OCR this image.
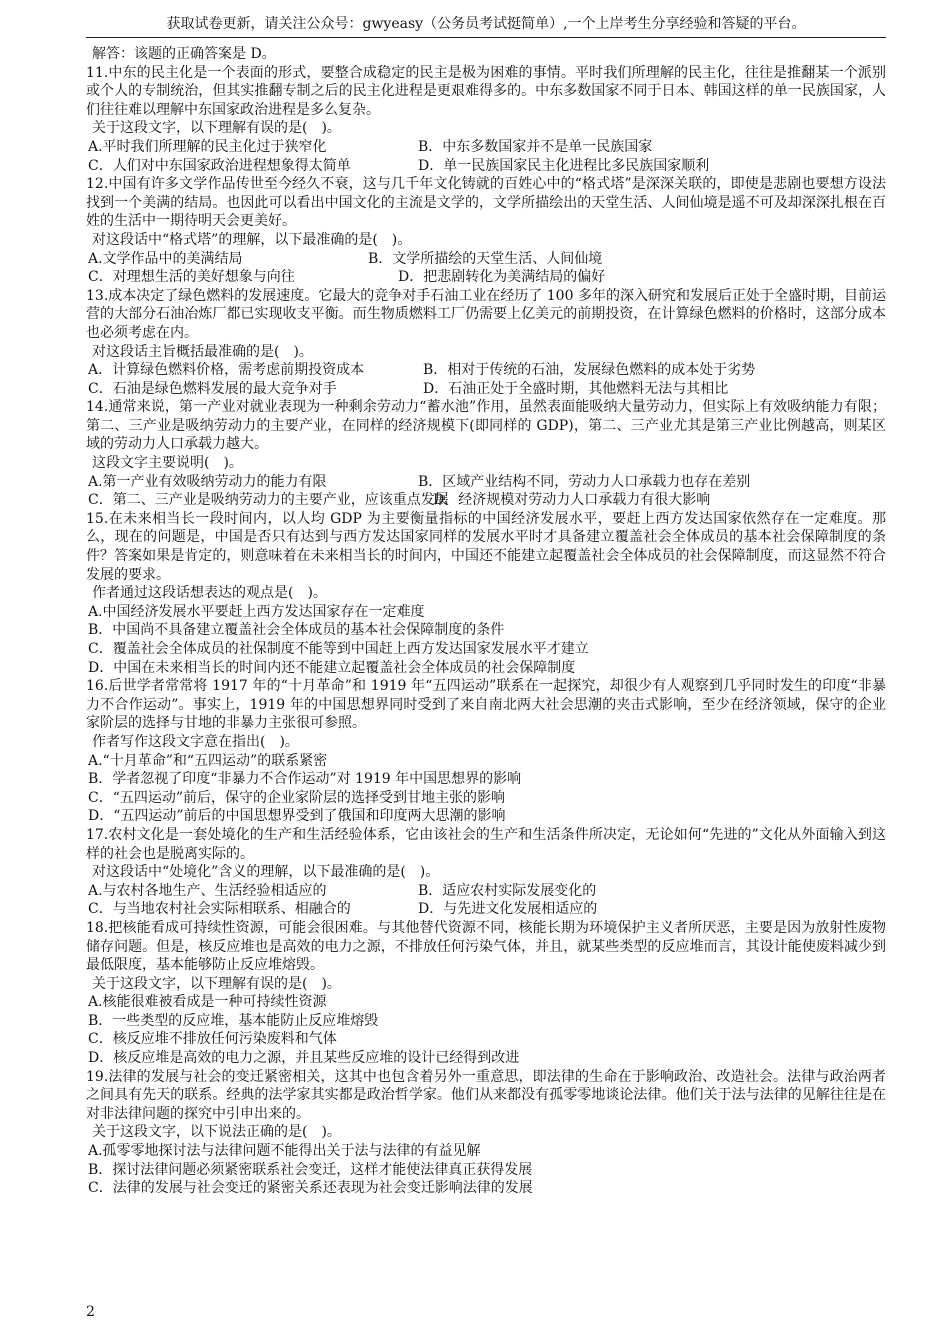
获取试卷更新，请关注公众号：gwyeasy（公务员考试挺简单）,一个上岸考生分享经验和答疑的平台。

解答：该题的正确答案是 D。

11.中东的民主化是一个表面的形式，要整合成稳定的民主是极为困难的事情。平时我们所理解的民主化，往往是推翻某一个派别或个人的专制统治，但其实推翻专制之后的民主化进程是更艰难得多的。中东多数国家不同于日本、韩国这样的单一民族国家，人们往往难以理解中东国家政治进程是多么复杂。

关于这段文字，以下理解有误的是(　)。

A.平时我们所理解的民主化过于狭窄化	B．中东多数国家并不是单一民族国家
C．人们对中东国家政治进程想象得太简单	D．单一民族国家民主化进程比多民族国家顺利

12.中国有许多文学作品传世至今经久不衰，这与几千年文化铸就的百姓心中的“格式塔”是深深关联的，即使是悲剧也要想方设法找到一个美满的结局。也因此可以看出中国文化的主流是文学的，文学所描绘出的天堂生活、人间仙境是遥不可及却深深扎根在百姓的生活中一期待明天会更美好。

对这段话中“格式塔”的理解，以下最准确的是(　)。

A.文学作品中的美满结局	B．文学所描绘的天堂生活、人间仙境
C．对理想生活的美好想象与向往	D．把悲剧转化为美满结局的偏好

13.成本决定了绿色燃料的发展速度。它最大的竞争对手石油工业在经历了 100 多年的深入研究和发展后正处于全盛时期，目前运营的大部分石油冶炼厂都已实现收支平衡。而生物质燃料工厂仍需要上亿美元的前期投资，在计算绿色燃料的价格时，这部分成本也必须考虑在内。

对这段话主旨概括最准确的是(　)。

A．计算绿色燃料价格，需考虑前期投资成本	B．相对于传统的石油，发展绿色燃料的成本处于劣势
C．石油是绿色燃料发展的最大竞争对手	D．石油正处于全盛时期，其他燃料无法与其相比

14.通常来说，第一产业对就业表现为一种剩余劳动力“蓄水池”作用，虽然表面能吸纳大量劳动力，但实际上有效吸纳能力有限；第二、三产业是吸纳劳动力的主要产业，在同样的经济规模下(即同样的 GDP)，第二、三产业尤其是第三产业比例越高，则某区域的劳动力人口承载力越大。

这段文字主要说明(　)。

A.第一产业有效吸纳劳动力的能力有限	B．区域产业结构不同，劳动力人口承载力也存在差别
C．第二、三产业是吸纳劳动力的主要产业，应该重点发展
D．经济规模对劳动力人口承载力有很大影响

15.在未来相当长一段时间内，以人均 GDP 为主要衡量指标的中国经济发展水平，要赶上西方发达国家依然存在一定难度。那么，现在的问题是，中国是否只有达到与西方发达国家同样的发展水平时才具备建立覆盖社会全体成员的基本社会保障制度的条件？答案如果是肯定的，则意味着在未来相当长的时间内，中国还不能建立起覆盖社会全体成员的社会保障制度，而这显然不符合发展的要求。

作者通过这段话想表达的观点是(　)。

A.中国经济发展水平要赶上西方发达国家存在一定难度

B．中国尚不具备建立覆盖社会全体成员的基本社会保障制度的条件

C．覆盖社会全体成员的社保制度不能等到中国赶上西方发达国家发展水平才建立

D．中国在未来相当长的时间内还不能建立起覆盖社会全体成员的社会保障制度

16.后世学者常常将 1917 年的“十月革命”和 1919 年“五四运动”联系在一起探究，却很少有人观察到几乎同时发生的印度“非暴力不合作运动”。事实上，1919 年的中国思想界同时受到了来自南北两大社会思潮的夹击式影响，至少在经济领域，保守的企业家阶层的选择与甘地的非暴力主张很可参照。

作者写作这段文字意在指出(　)。

A.“十月革命”和“五四运动”的联系紧密

B．学者忽视了印度“非暴力不合作运动”对 1919 年中国思想界的影响

C．“五四运动”前后，保守的企业家阶层的选择受到甘地主张的影响

D．“五四运动”前后的中国思想界受到了俄国和印度两大思潮的影响

17.农村文化是一套处境化的生产和生活经验体系，它由该社会的生产和生活条件所决定，无论如何“先进的”文化从外面输入到这样的社会也是脱离实际的。

对这段话中“处境化”含义的理解，以下最准确的是(　)。

A.与农村各地生产、生活经验相适应的	B．适应农村实际发展变化的
C．与当地农村社会实际相联系、相融合的	D．与先进文化发展相适应的

18.把核能看成可持续性资源，可能会很困难。与其他替代资源不同，核能长期为环境保护主义者所厌恶，主要是因为放射性废物储存问题。但是，核反应堆也是高效的电力之源，不排放任何污染气体，并且，就某些类型的反应堆而言，其设计能使废料减少到最低限度，基本能够防止反应堆熔毁。

关于这段文字，以下理解有误的是(　)。

A.核能很难被看成是一种可持续性资源

B．一些类型的反应堆，基本能防止反应堆熔毁

C．核反应堆不排放任何污染废料和气体

D．核反应堆是高效的电力之源，并且某些反应堆的设计已经得到改进

19.法律的发展与社会的变迁紧密相关，这其中也包含着另外一重意思，即法律的生命在于影响政治、改造社会。法律与政治两者之间具有先天的联系。经典的法学家其实都是政治哲学家。他们从来都没有孤零零地谈论法律。他们关于法与法律的见解往往是在对非法律问题的探究中引申出来的。

关于这段文字，以下说法正确的是(　)。

A.孤零零地探讨法与法律问题不能得出关于法与法律的有益见解

B．探讨法律问题必须紧密联系社会变迁，这样才能使法律真正获得发展

C．法律的发展与社会变迁的紧密关系还表现为社会变迁影响法律的发展

2
